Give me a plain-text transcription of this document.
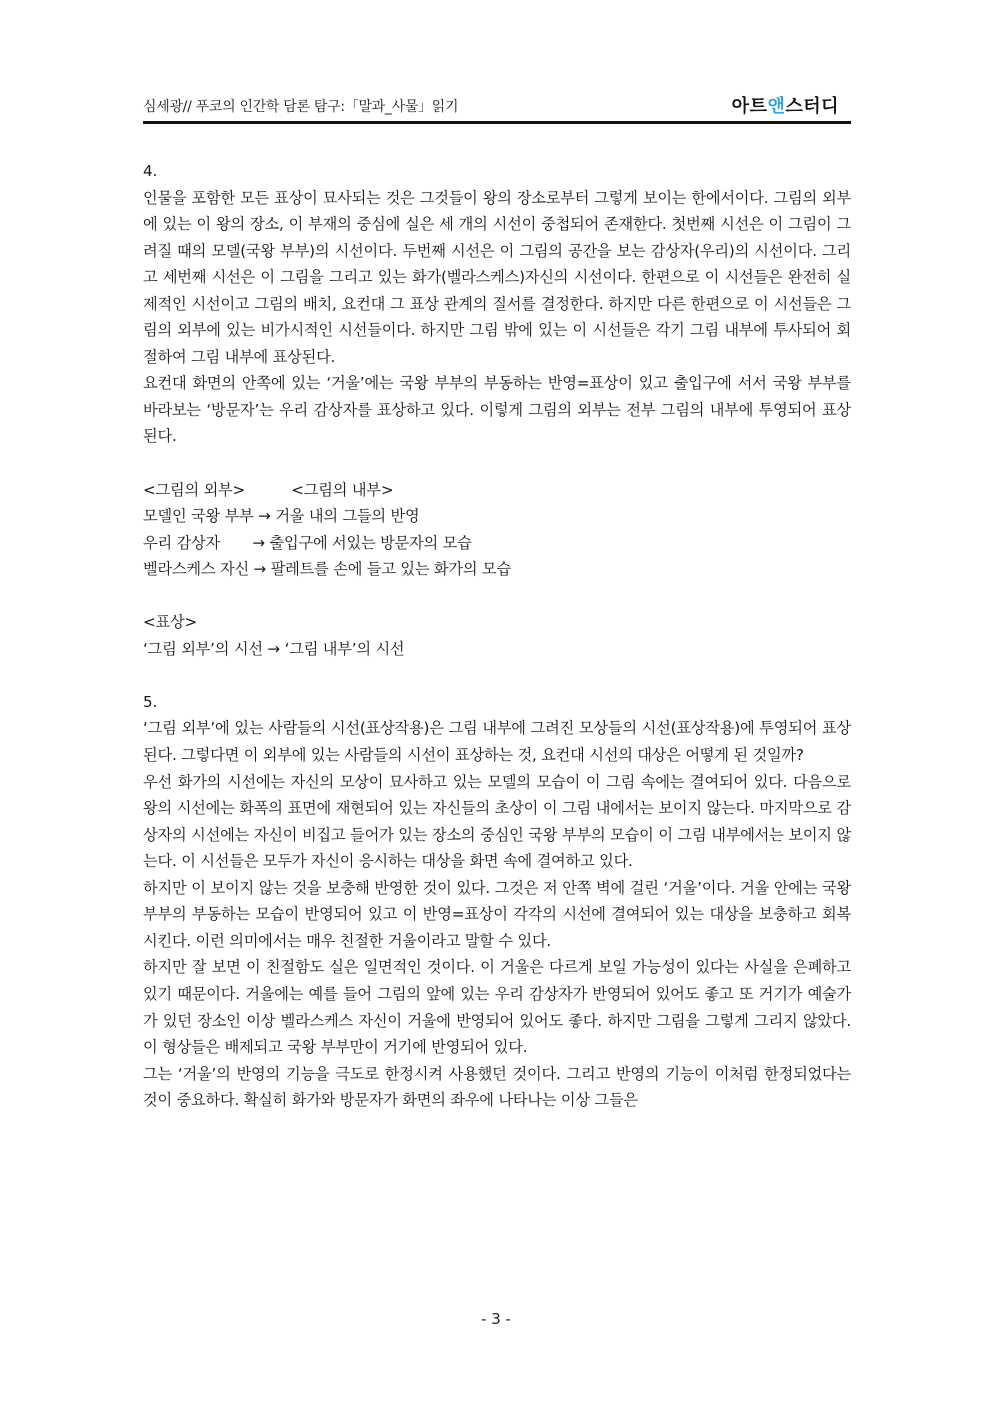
심세광// 푸코의 인간학 담론 탐구:「말과_사물」읽기	아트앤스터디

4.

인물을 포함한 모든 표상이 묘사되는 것은 그것들이 왕의 장소로부터 그렇게 보이는 한에서이다. 그림의 외부에 있는 이 왕의 장소, 이 부재의 중심에 실은 세 개의 시선이 중첩되어 존재한다. 첫번째 시선은 이 그림이 그려질 때의 모델(국왕 부부)의 시선이다. 두번째 시선은 이 그림의 공간을 보는 감상자(우리)의 시선이다. 그리고 세번째 시선은 이 그림을 그리고 있는 화가(벨라스케스)자신의 시선이다. 한편으로 이 시선들은 완전히 실제적인 시선이고 그림의 배치, 요컨대 그 표상 관계의 질서를 결정한다. 하지만 다른 한편으로 이 시선들은 그림의 외부에 있는 비가시적인 시선들이다. 하지만 그림 밖에 있는 이 시선들은 각기 그림 내부에 투사되어 회절하여 그림 내부에 표상된다.

요컨대 화면의 안쪽에 있는 ‘거울’에는 국왕 부부의 부동하는 반영=표상이 있고 출입구에 서서 국왕 부부를 바라보는 ‘방문자’는 우리 감상자를 표상하고 있다. 이렇게 그림의 외부는 전부 그림의 내부에 투영되어 표상된다.

<그림의 외부>          <그림의 내부>

모델인 국왕 부부 → 거울 내의 그들의 반영

우리 감상자       → 출입구에 서있는 방문자의 모습

벨라스케스 자신 → 팔레트를 손에 들고 있는 화가의 모습

<표상>

‘그림 외부’의 시선 → ‘그림 내부’의 시선

5.

‘그림 외부’에 있는 사람들의 시선(표상작용)은 그림 내부에 그려진 모상들의 시선(표상작용)에 투영되어 표상된다. 그렇다면 이 외부에 있는 사람들의 시선이 표상하는 것, 요컨대 시선의 대상은 어떻게 된 것일까?

우선 화가의 시선에는 자신의 모상이 묘사하고 있는 모델의 모습이 이 그림 속에는 결여되어 있다. 다음으로 왕의 시선에는 화폭의 표면에 재현되어 있는 자신들의 초상이 이 그림 내에서는 보이지 않는다. 마지막으로 감상자의 시선에는 자신이 비집고 들어가 있는 장소의 중심인 국왕 부부의 모습이 이 그림 내부에서는 보이지 않는다. 이 시선들은 모두가 자신이 응시하는 대상을 화면 속에 결여하고 있다.

하지만 이 보이지 않는 것을 보충해 반영한 것이 있다. 그것은 저 안쪽 벽에 걸린 ‘거울’이다. 거울 안에는 국왕 부부의 부동하는 모습이 반영되어 있고 이 반영=표상이 각각의 시선에 결여되어 있는 대상을 보충하고 회복시킨다. 이런 의미에서는 매우 친절한 거울이라고 말할 수 있다.

하지만 잘 보면 이 친절함도 실은 일면적인 것이다. 이 거울은 다르게 보일 가능성이 있다는 사실을 은폐하고 있기 때문이다. 거울에는 예를 들어 그림의 앞에 있는 우리 감상자가 반영되어 있어도 좋고 또 거기가 예술가가 있던 장소인 이상 벨라스케스 자신이 거울에 반영되어 있어도 좋다. 하지만 그림을 그렇게 그리지 않았다. 이 형상들은 배제되고 국왕 부부만이 거기에 반영되어 있다.

그는 ‘거울’의 반영의 기능을 극도로 한정시켜 사용했던 것이다. 그리고 반영의 기능이 이처럼 한정되었다는 것이 중요하다. 확실히 화가와 방문자가 화면의 좌우에 나타나는 이상 그들은

- 3 -
